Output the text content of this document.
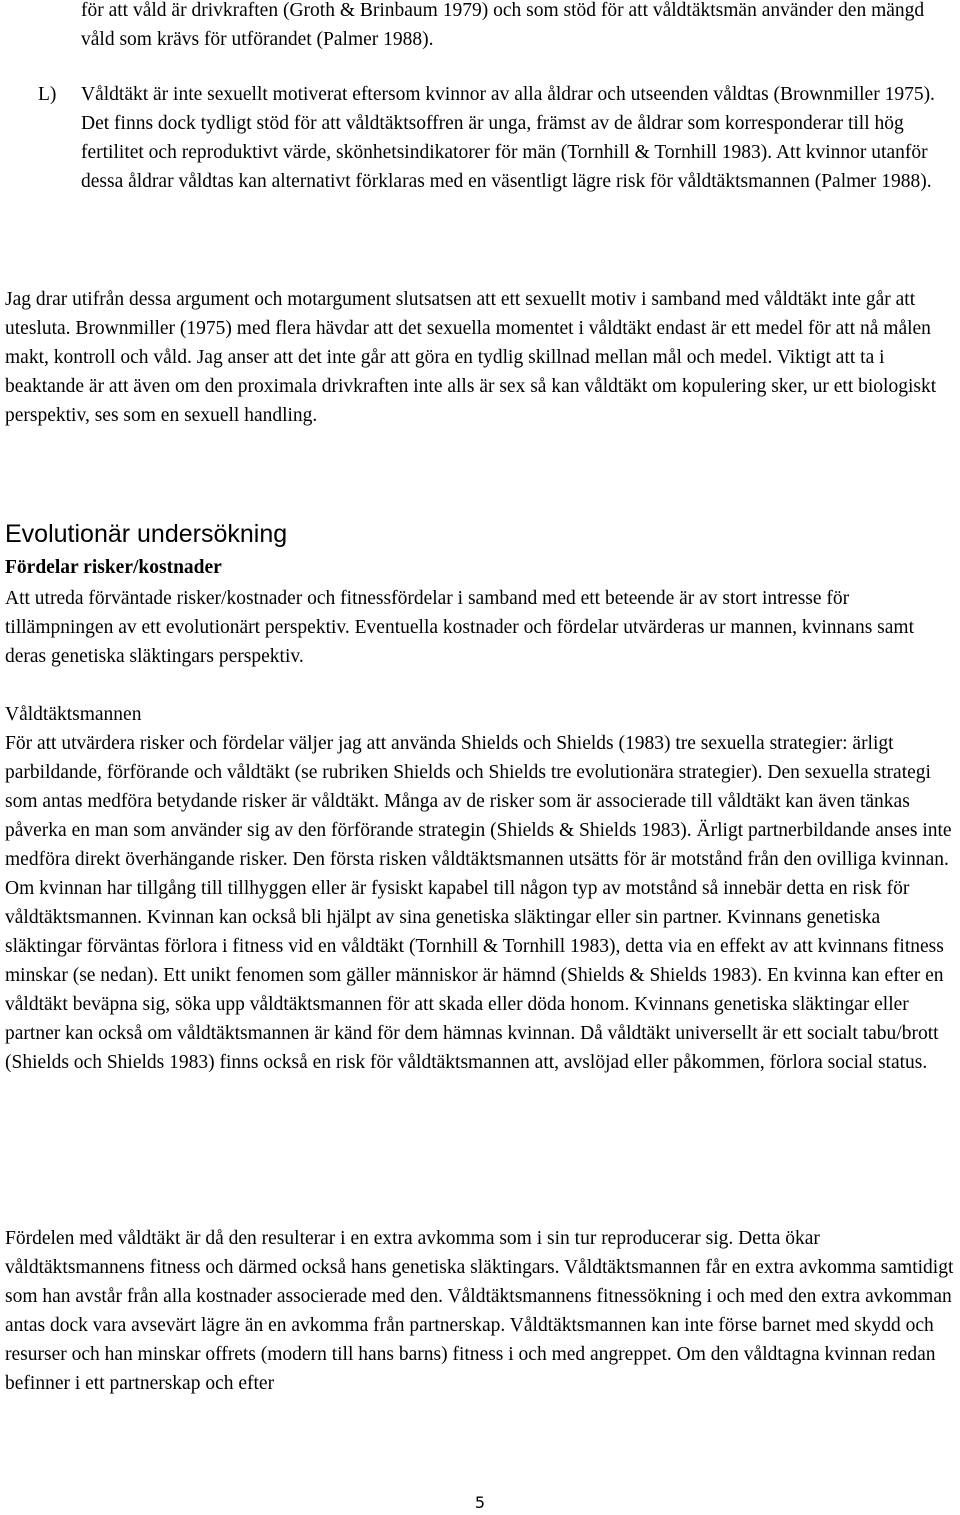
för att våld är drivkraften (Groth & Brinbaum 1979) och som stöd för att våldtäktsmän använder den mängd våld som krävs för utförandet (Palmer 1988).

L) Våldtäkt är inte sexuellt motiverat eftersom kvinnor av alla åldrar och utseenden våldtas (Brownmiller 1975). Det finns dock tydligt stöd för att våldtäktsoffren är unga, främst av de åldrar som korresponderar till hög fertilitet och reproduktivt värde, skönhetsindikatorer för män (Tornhill & Tornhill 1983). Att kvinnor utanför dessa åldrar våldtas kan alternativt förklaras med en väsentligt lägre risk för våldtäktsmannen (Palmer 1988).

Jag drar utifrån dessa argument och motargument slutsatsen att ett sexuellt motiv i samband med våldtäkt inte går att utesluta. Brownmiller (1975) med flera hävdar att det sexuella momentet i våldtäkt endast är ett medel för att nå målen makt, kontroll och våld. Jag anser att det inte går att göra en tydlig skillnad mellan mål och medel. Viktigt att ta i beaktande är att även om den proximala drivkraften inte alls är sex så kan våldtäkt om kopulering sker, ur ett biologiskt perspektiv, ses som en sexuell handling.

Evolutionär undersökning
Fördelar risker/kostnader

Att utreda förväntade risker/kostnader och fitnessfördelar i samband med ett beteende är av stort intresse för tillämpningen av ett evolutionärt perspektiv. Eventuella kostnader och fördelar utvärderas ur mannen, kvinnans samt deras genetiska släktingars perspektiv.

Våldtäktsmannen

För att utvärdera risker och fördelar väljer jag att använda Shields och Shields (1983) tre sexuella strategier: ärligt parbildande, förförande och våldtäkt (se rubriken Shields och Shields tre evolutionära strategier). Den sexuella strategi som antas medföra betydande risker är våldtäkt. Många av de risker som är associerade till våldtäkt kan även tänkas påverka en man som använder sig av den förförande strategin (Shields & Shields 1983). Ärligt partnerbildande anses inte medföra direkt överhängande risker. Den första risken våldtäktsmannen utsätts för är motstånd från den ovilliga kvinnan. Om kvinnan har tillgång till tillhyggen eller är fysiskt kapabel till någon typ av motstånd så innebär detta en risk för våldtäktsmannen. Kvinnan kan också bli hjälpt av sina genetiska släktingar eller sin partner. Kvinnans genetiska släktingar förväntas förlora i fitness vid en våldtäkt (Tornhill & Tornhill 1983), detta via en effekt av att kvinnans fitness minskar (se nedan). Ett unikt fenomen som gäller människor är hämnd (Shields & Shields 1983). En kvinna kan efter en våldtäkt beväpna sig, söka upp våldtäktsmannen för att skada eller döda honom. Kvinnans genetiska släktingar eller partner kan också om våldtäktsmannen är känd för dem hämnas kvinnan. Då våldtäkt universellt är ett socialt tabu/brott (Shields och Shields 1983) finns också en risk för våldtäktsmannen att, avslöjad eller påkommen, förlora social status.

Fördelen med våldtäkt är då den resulterar i en extra avkomma som i sin tur reproducerar sig. Detta ökar våldtäktsmannens fitness och därmed också hans genetiska släktingars. Våldtäktsmannen får en extra avkomma samtidigt som han avstår från alla kostnader associerade med den. Våldtäktsmannens fitnessökning i och med den extra avkomman antas dock vara avsevärt lägre än en avkomma från partnerskap. Våldtäktsmannen kan inte förse barnet med skydd och resurser och han minskar offrets (modern till hans barns) fitness i och med angreppet. Om den våldtagna kvinnan redan befinner i ett partnerskap och efter

5
